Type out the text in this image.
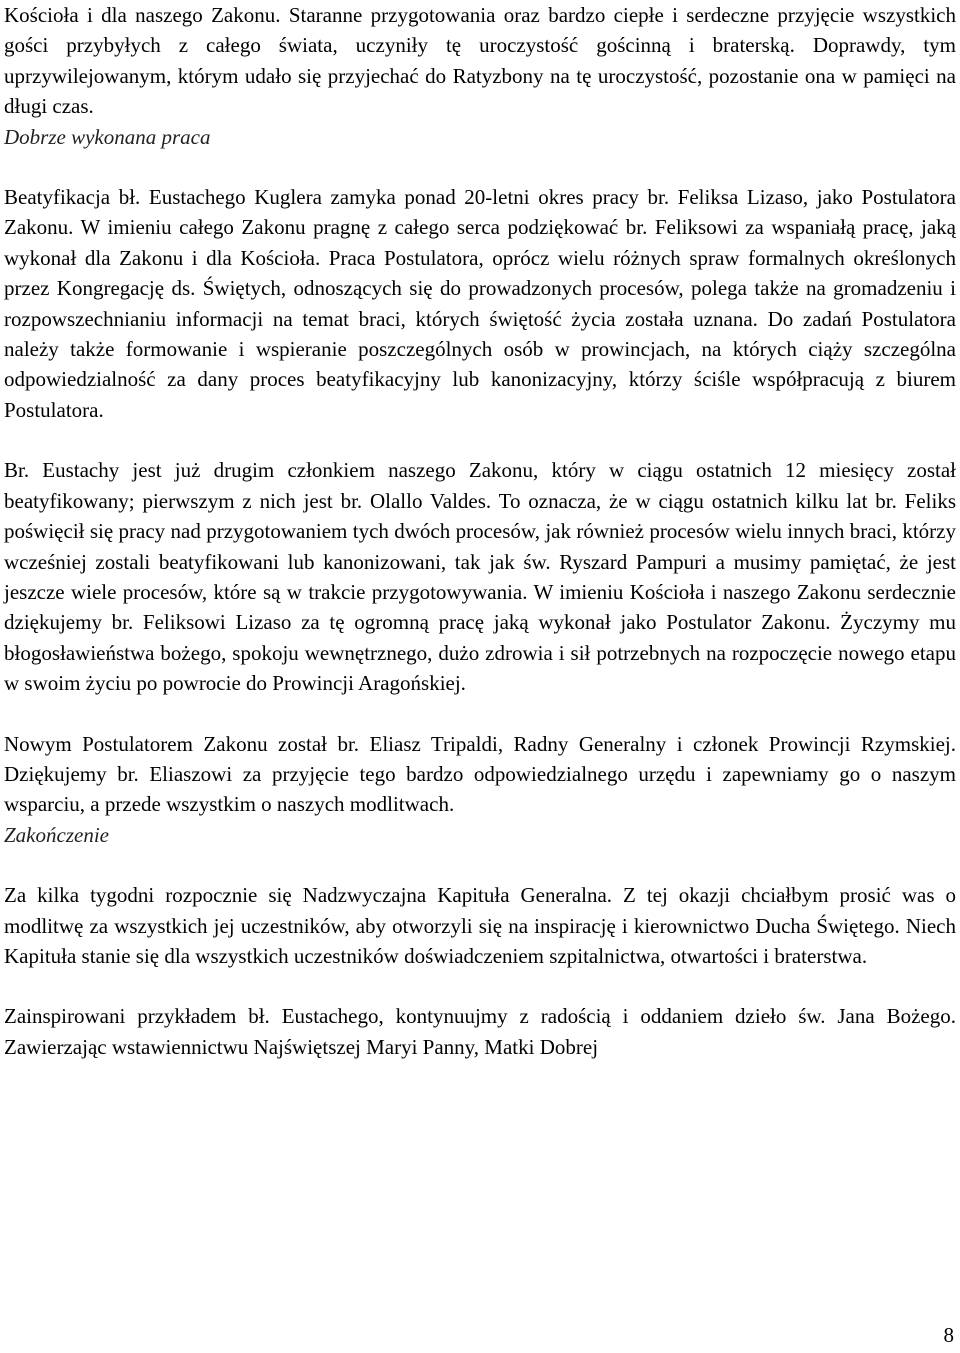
Kościoła i dla naszego Zakonu. Staranne przygotowania oraz bardzo ciepłe i serdeczne przyjęcie wszystkich gości przybyłych z całego świata, uczyniły tę uroczystość gościnną i braterską. Doprawdy, tym uprzywilejowanym, którym udało się przyjechać do Ratyzbony na tę uroczystość, pozostanie ona w pamięci na długi czas.

Dobrze wykonana praca

Beatyfikacja bł. Eustachego Kuglera zamyka ponad 20-letni okres pracy br. Feliksa Lizaso, jako Postulatora Zakonu. W imieniu całego Zakonu pragnę z całego serca podziękować br. Feliksowi za wspaniałą pracę, jaką wykonał dla Zakonu i dla Kościoła. Praca Postulatora, oprócz wielu różnych spraw formalnych określonych przez Kongregację ds. Świętych, odnoszących się do prowadzonych procesów, polega także na gromadzeniu i rozpowszechnianiu informacji na temat braci, których świętość życia została uznana. Do zadań Postulatora należy także formowanie i wspieranie poszczególnych osób w prowincjach, na których ciąży szczególna odpowiedzialność za dany proces beatyfikacyjny lub kanonizacyjny, którzy ściśle współpracują z biurem Postulatora.

Br. Eustachy jest już drugim członkiem naszego Zakonu, który w ciągu ostatnich 12 miesięcy został beatyfikowany; pierwszym z nich jest br. Olallo Valdes. To oznacza, że w ciągu ostatnich kilku lat br. Feliks poświęcił się pracy nad przygotowaniem tych dwóch procesów, jak również procesów wielu innych braci, którzy wcześniej zostali beatyfikowani lub kanonizowani, tak jak św. Ryszard Pampuri a musimy pamiętać, że jest jeszcze wiele procesów, które są w trakcie przygotowywania. W imieniu Kościoła i naszego Zakonu serdecznie dziękujemy br. Feliksowi Lizaso za tę ogromną pracę jaką wykonał jako Postulator Zakonu. Życzymy mu błogosławieństwa bożego, spokoju wewnętrznego, dużo zdrowia i sił potrzebnych na rozpoczęcie nowego etapu w swoim życiu po powrocie do Prowincji Aragońskiej.

Nowym Postulatorem Zakonu został br. Eliasz Tripaldi, Radny Generalny i członek Prowincji Rzymskiej. Dziękujemy br. Eliaszowi za przyjęcie tego bardzo odpowiedzialnego urzędu i zapewniamy go o naszym wsparciu, a przede wszystkim o naszych modlitwach.

Zakończenie

Za kilka tygodni rozpocznie się Nadzwyczajna Kapituła Generalna. Z tej okazji chciałbym prosić was o modlitwę za wszystkich jej uczestników, aby otworzyli się na inspirację i kierownictwo Ducha Świętego. Niech Kapituła stanie się dla wszystkich uczestników doświadczeniem szpitalnictwa, otwartości i braterstwa.

Zainspirowani przykładem bł. Eustachego, kontynuujmy z radością i oddaniem dzieło św. Jana Bożego. Zawierzając wstawiennictwu Najświętszej Maryi Panny, Matki Dobrej

8
